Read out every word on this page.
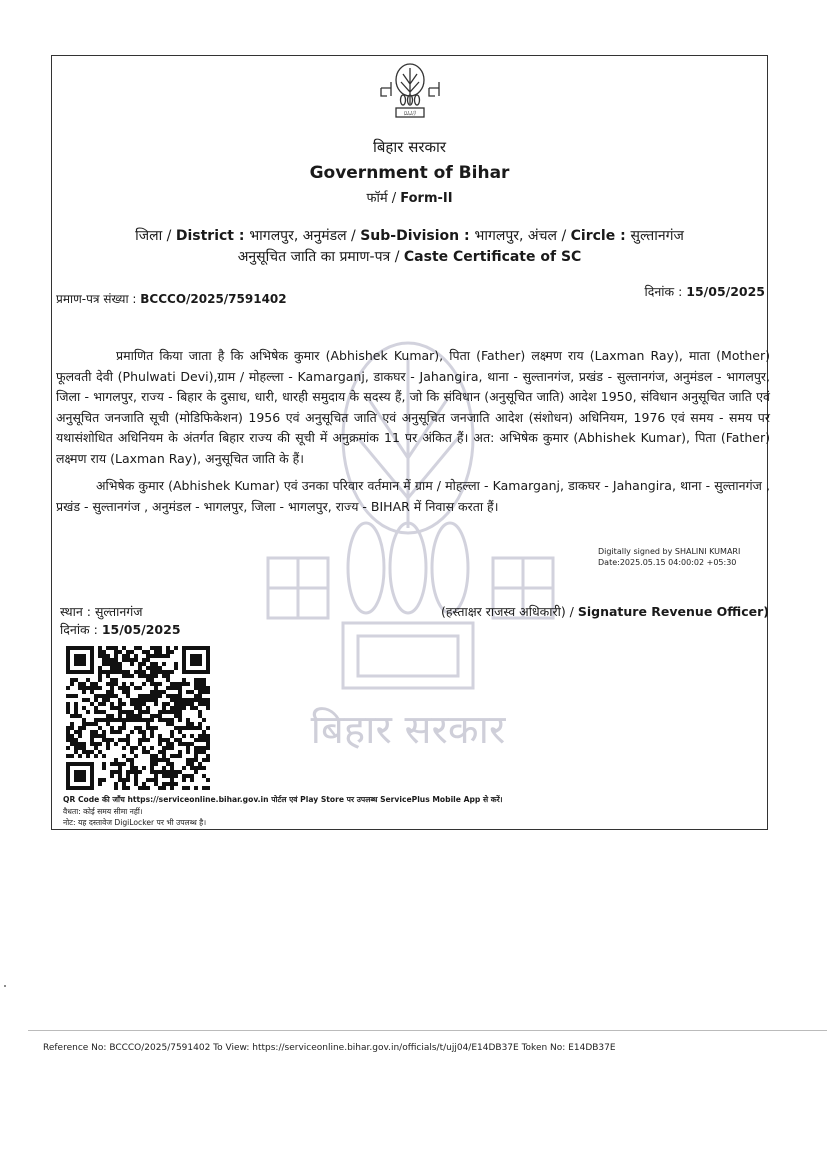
ﾛﾑﾑﾘ
बिहार सरकार
बिहार सरकार
Government of Bihar
फॉर्म / Form-II
जिला / District : भागलपुर, अनुमंडल / Sub-Division : भागलपुर, अंचल / Circle : सुल्तानगंज
अनुसूचित जाति का प्रमाण-पत्र / Caste Certificate of SC
प्रमाण-पत्र संख्या : BCCCO/2025/7591402	दिनांक : 15/05/2025
प्रमाणित किया जाता है कि अभिषेक कुमार (Abhishek Kumar), पिता (Father) लक्ष्मण राय (Laxman Ray), माता (Mother) फूलवती देवी (Phulwati Devi),ग्राम / मोहल्ला - Kamarganj, डाकघर - Jahangira, थाना - सुल्तानगंज, प्रखंड - सुल्तानगंज, अनुमंडल - भागलपुर, जिला - भागलपुर, राज्य - बिहार के दुसाध, धारी, धारही समुदाय के सदस्य हैं, जो कि संविधान (अनुसूचित जाति) आदेश 1950, संविधान अनुसूचित जाति एवं अनुसूचित जनजाति सूची (मोडिफिकेशन) 1956 एवं अनुसूचित जाति एवं अनुसूचित जनजाति आदेश (संशोधन) अधिनियम, 1976 एवं समय - समय पर यथासंशोधित अधिनियम के अंतर्गत बिहार राज्य की सूची में अनुक्रमांक 11 पर अंकित हैं। अत: अभिषेक कुमार (Abhishek Kumar), पिता (Father) लक्ष्मण राय (Laxman Ray), अनुसूचित जाति के हैं।
अभिषेक कुमार (Abhishek Kumar) एवं उनका परिवार वर्तमान में ग्राम / मोहल्ला - Kamarganj, डाकघर - Jahangira, थाना - सुल्तानगंज , प्रखंड - सुल्तानगंज , अनुमंडल - भागलपुर, जिला - भागलपुर, राज्य - BIHAR में निवास करता हैं।
Digitally signed by SHALINI KUMARI
Date:2025.05.15 04:00:02 +05:30
स्थान : सुल्तानगंज
दिनांक : 15/05/2025
(हस्ताक्षर राजस्व अधिकारी) / Signature Revenue Officer)
QR Code की जाँच https://serviceonline.bihar.gov.in पोर्टल एवं Play Store पर उपलब्ध ServicePlus Mobile App से करें।
वैधता: कोई समय सीमा नहीं।
नोट: यह दस्तावेज DigiLocker पर भी उपलब्ध है।
Reference No: BCCCO/2025/7591402 To View: https://serviceonline.bihar.gov.in/officials/t/ujj04/E14DB37E Token No: E14DB37E
